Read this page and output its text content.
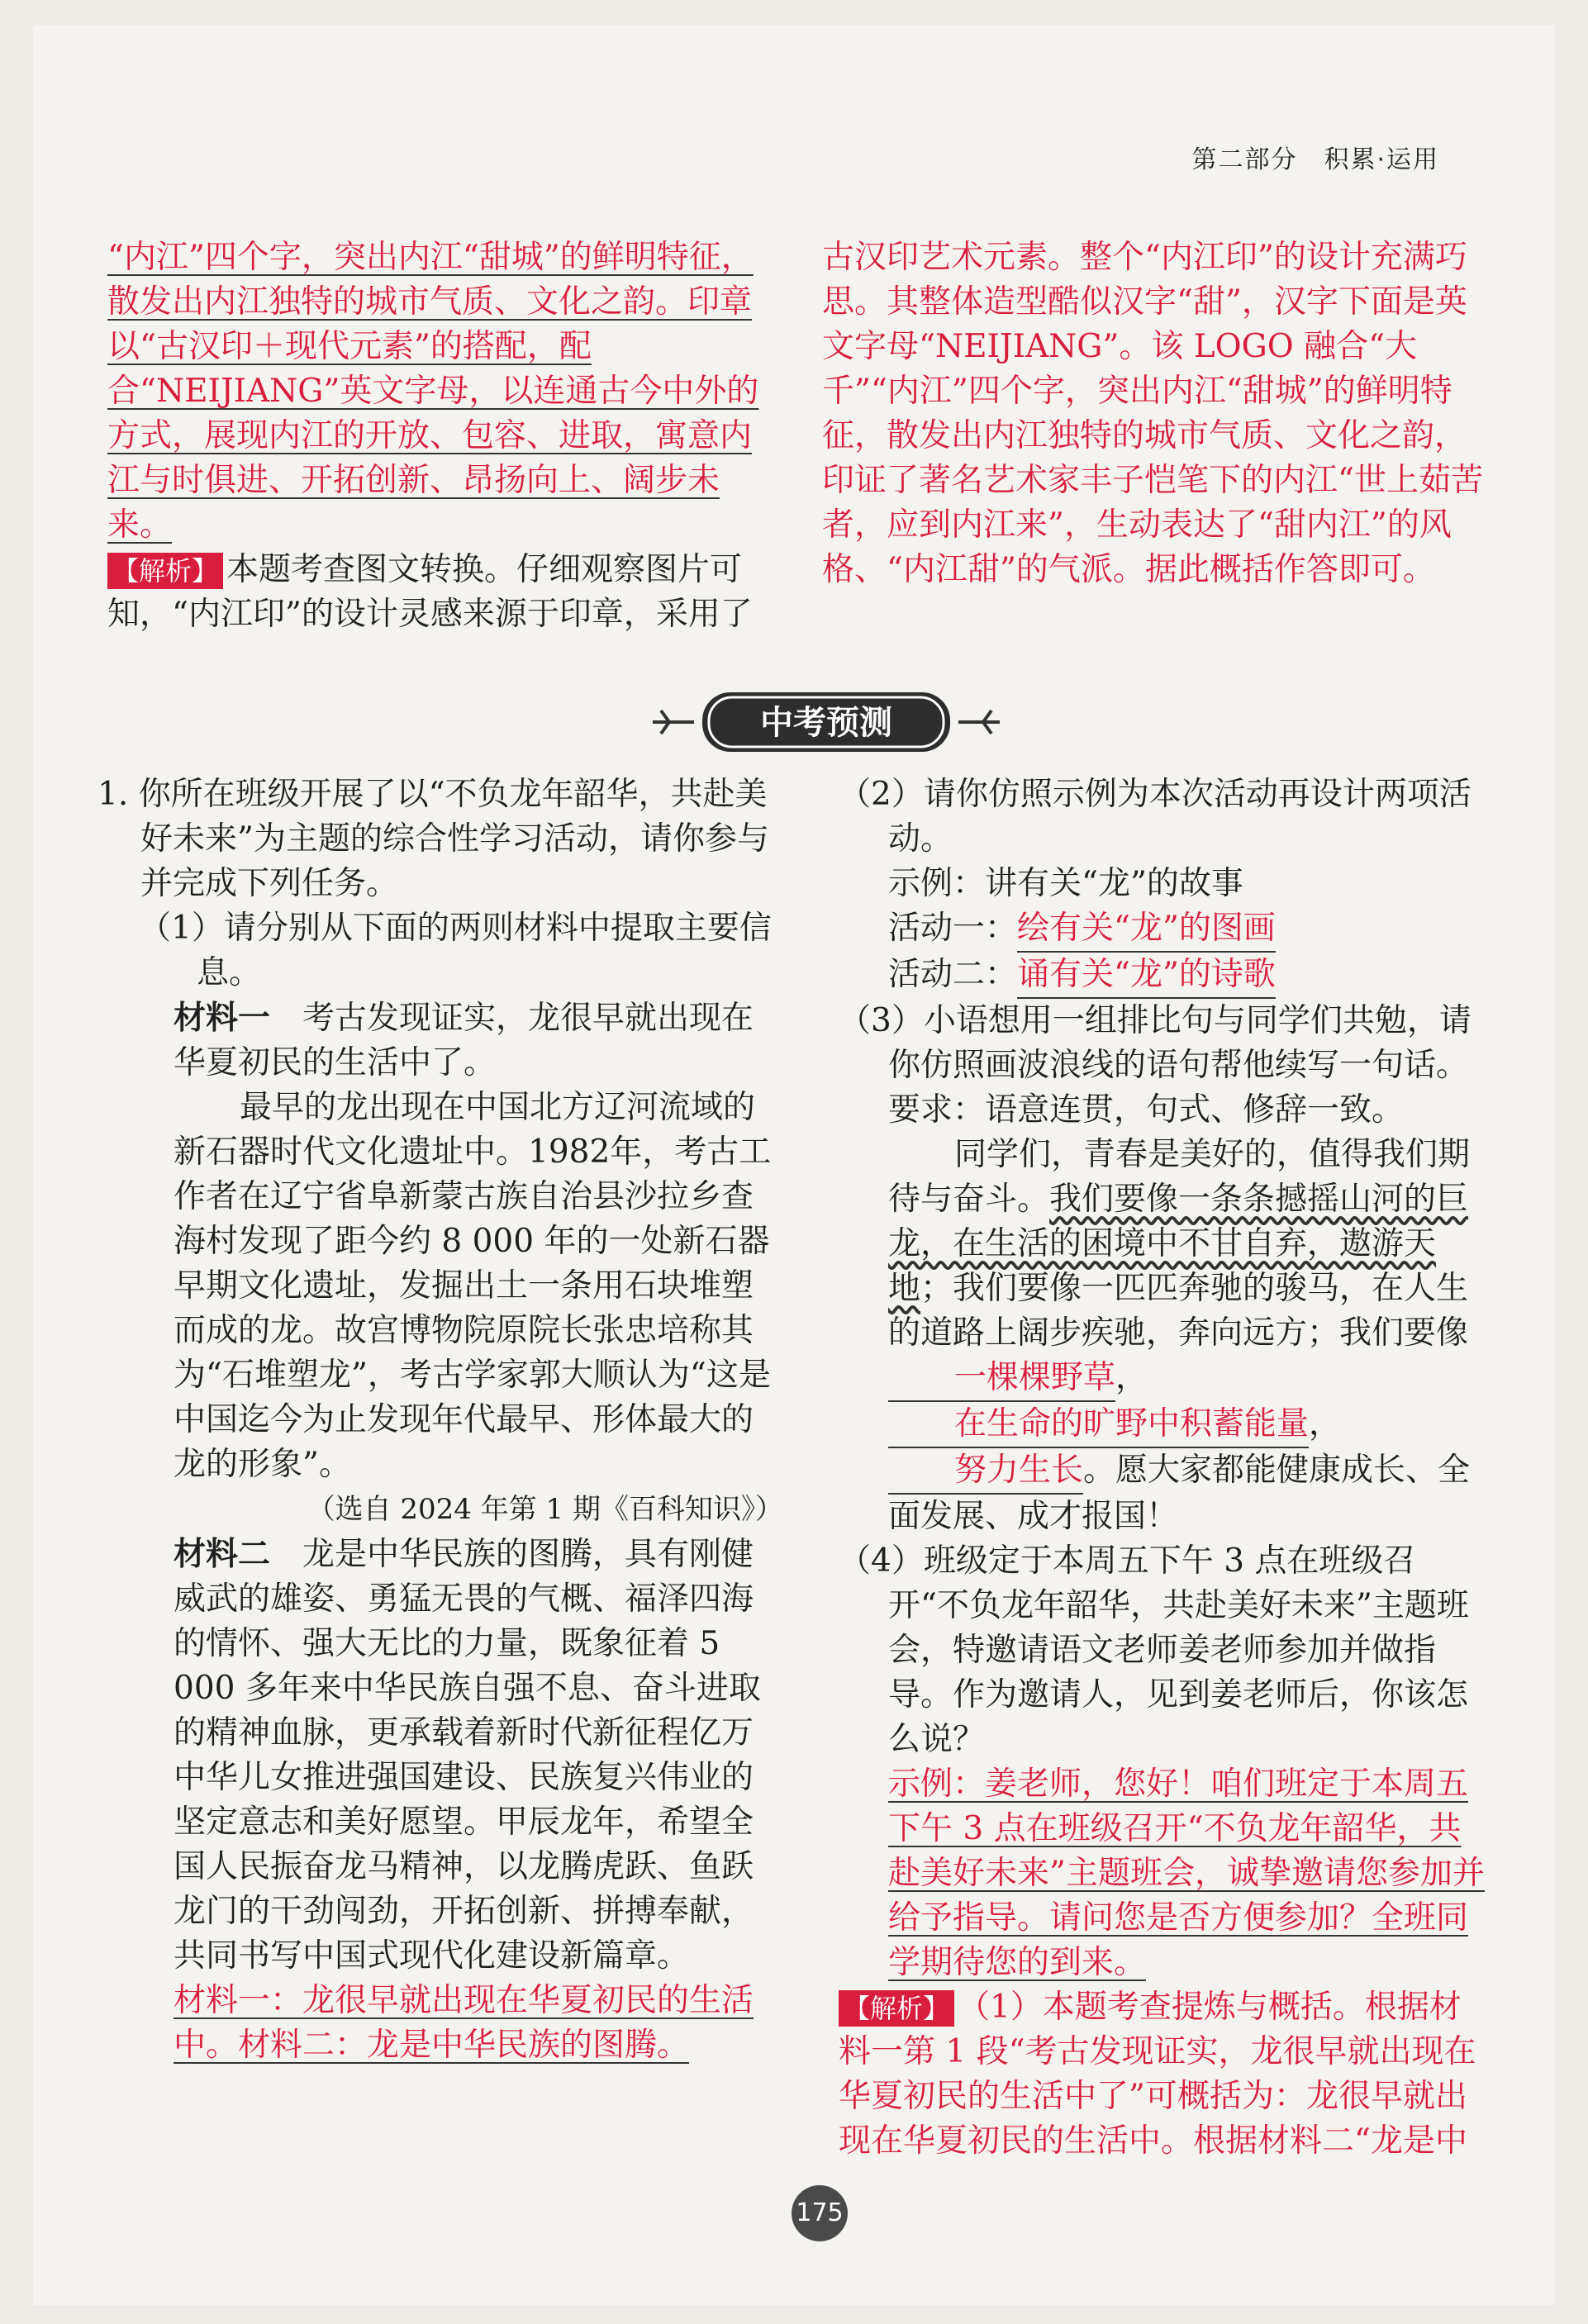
第二部分　积累·运用

“内江”四个字，突出内江“甜城”的鲜明特征，散发出内江独特的城市气质、文化之韵。印章以“古汉印＋现代元素”的搭配，配合“NEIJIANG”英文字母，以连通古今中外的方式，展现内江的开放、包容、进取，寓意内江与时俱进、开拓创新、昂扬向上、阔步未来。

【解析】 本题考查图文转换。仔细观察图片可知，“内江印”的设计灵感来源于印章，采用了

古汉印艺术元素。整个“内江印”的设计充满巧思。其整体造型酷似汉字“甜”，汉字下面是英文字母“NEIJIANG”。该 LOGO 融合“大千”“内江”四个字，突出内江“甜城”的鲜明特征，散发出内江独特的城市气质、文化之韵，印证了著名艺术家丰子恺笔下的内江“世上茹苦者，应到内江来”，生动表达了“甜内江”的风格、“内江甜”的气派。据此概括作答即可。

中考预测

1. 你所在班级开展了以“不负龙年韶华，共赴美好未来”为主题的综合性学习活动，请你参与并完成下列任务。

（1）请分别从下面的两则材料中提取主要信息。

材料一　考古发现证实，龙很早就出现在华夏初民的生活中了。

最早的龙出现在中国北方辽河流域的新石器时代文化遗址中。1982年，考古工作者在辽宁省阜新蒙古族自治县沙拉乡查海村发现了距今约 8 000 年的一处新石器早期文化遗址，发掘出土一条用石块堆塑而成的龙。故宫博物院原院长张忠培称其为“石堆塑龙”，考古学家郭大顺认为“这是中国迄今为止发现年代最早、形体最大的龙的形象”。

（选自 2024 年第 1 期《百科知识》）

材料二　龙是中华民族的图腾，具有刚健威武的雄姿、勇猛无畏的气概、福泽四海的情怀、强大无比的力量，既象征着 5 000 多年来中华民族自强不息、奋斗进取的精神血脉，更承载着新时代新征程亿万中华儿女推进强国建设、民族复兴伟业的坚定意志和美好愿望。甲辰龙年，希望全国人民振奋龙马精神，以龙腾虎跃、鱼跃龙门的干劲闯劲，开拓创新、拼搏奉献，共同书写中国式现代化建设新篇章。

材料一：龙很早就出现在华夏初民的生活中。材料二：龙是中华民族的图腾。

（2）请你仿照示例为本次活动再设计两项活动。

示例：讲有关“龙”的故事

活动一：绘有关“龙”的图画

活动二：诵有关“龙”的诗歌

（3）小语想用一组排比句与同学们共勉，请你仿照画波浪线的语句帮他续写一句话。要求：语意连贯，句式、修辞一致。

同学们，青春是美好的，值得我们期待与奋斗。我们要像一条条撼摇山河的巨龙，在生活的困境中不甘自弃，遨游天地；我们要像一匹匹奔驰的骏马，在人生的道路上阔步疾驰，奔向远方；我们要像一棵棵野草，在生命的旷野中积蓄能量，努力生长。愿大家都能健康成长、全面发展、成才报国！

（4）班级定于本周五下午 3 点在班级召开“不负龙年韶华，共赴美好未来”主题班会，特邀请语文老师姜老师参加并做指导。作为邀请人，见到姜老师后，你该怎么说？

示例：姜老师，您好！咱们班定于本周五下午 3 点在班级召开“不负龙年韶华，共赴美好未来”主题班会，诚挚邀请您参加并给予指导。请问您是否方便参加？全班同学期待您的到来。

【解析】 （1）本题考查提炼与概括。根据材料一第 1 段“考古发现证实，龙很早就出现在华夏初民的生活中了”可概括为：龙很早就出现在华夏初民的生活中。根据材料二“龙是中

175
